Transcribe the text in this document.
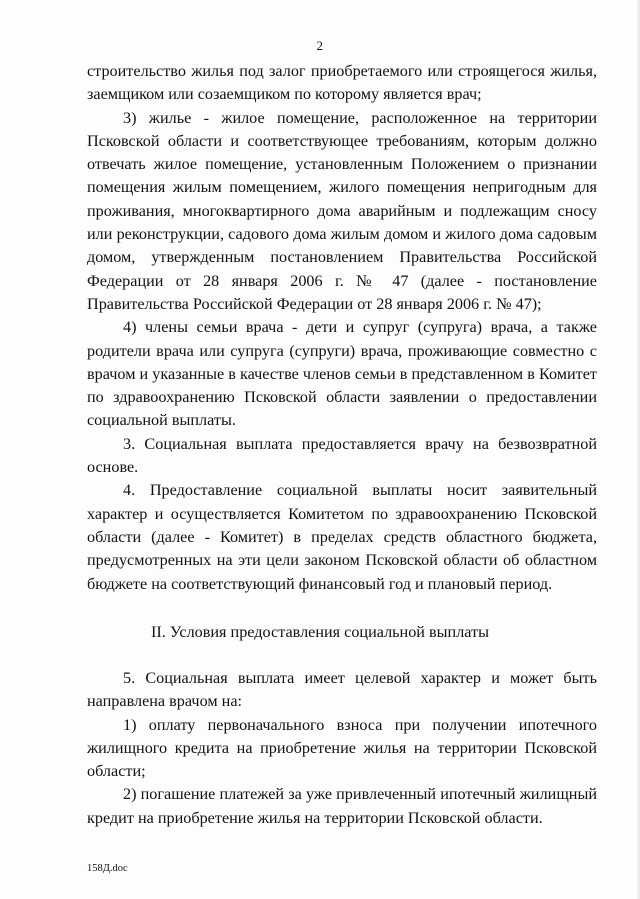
2

строительство жилья под залог приобретаемого или строящегося жилья, заемщиком или созаемщиком по которому является врач;

3) жилье - жилое помещение, расположенное на территории Псковской области и соответствующее требованиям, которым должно отвечать жилое помещение, установленным Положением о признании помещения жилым помещением, жилого помещения непригодным для проживания, многоквартирного дома аварийным и подлежащим сносу или реконструкции, садового дома жилым домом и жилого дома садовым домом, утвержденным постановлением Правительства Российской Федерации от 28 января 2006 г. № 47 (далее - постановление Правительства Российской Федерации от 28 января 2006 г. № 47);

4) члены семьи врача - дети и супруг (супруга) врача, а также родители врача или супруга (супруги) врача, проживающие совместно с врачом и указанные в качестве членов семьи в представленном в Комитет по здравоохранению Псковской области заявлении о предоставлении социальной выплаты.

3. Социальная выплата предоставляется врачу на безвозвратной основе.

4. Предоставление социальной выплаты носит заявительный характер и осуществляется Комитетом по здравоохранению Псковской области (далее - Комитет) в пределах средств областного бюджета, предусмотренных на эти цели законом Псковской области об областном бюджете на соответствующий финансовый год и плановый период.

II. Условия предоставления социальной выплаты

5. Социальная выплата имеет целевой характер и может быть направлена врачом на:

1) оплату первоначального взноса при получении ипотечного жилищного кредита на приобретение жилья на территории Псковской области;

2) погашение платежей за уже привлеченный ипотечный жилищный кредит на приобретение жилья на территории Псковской области.

158Д.doc
